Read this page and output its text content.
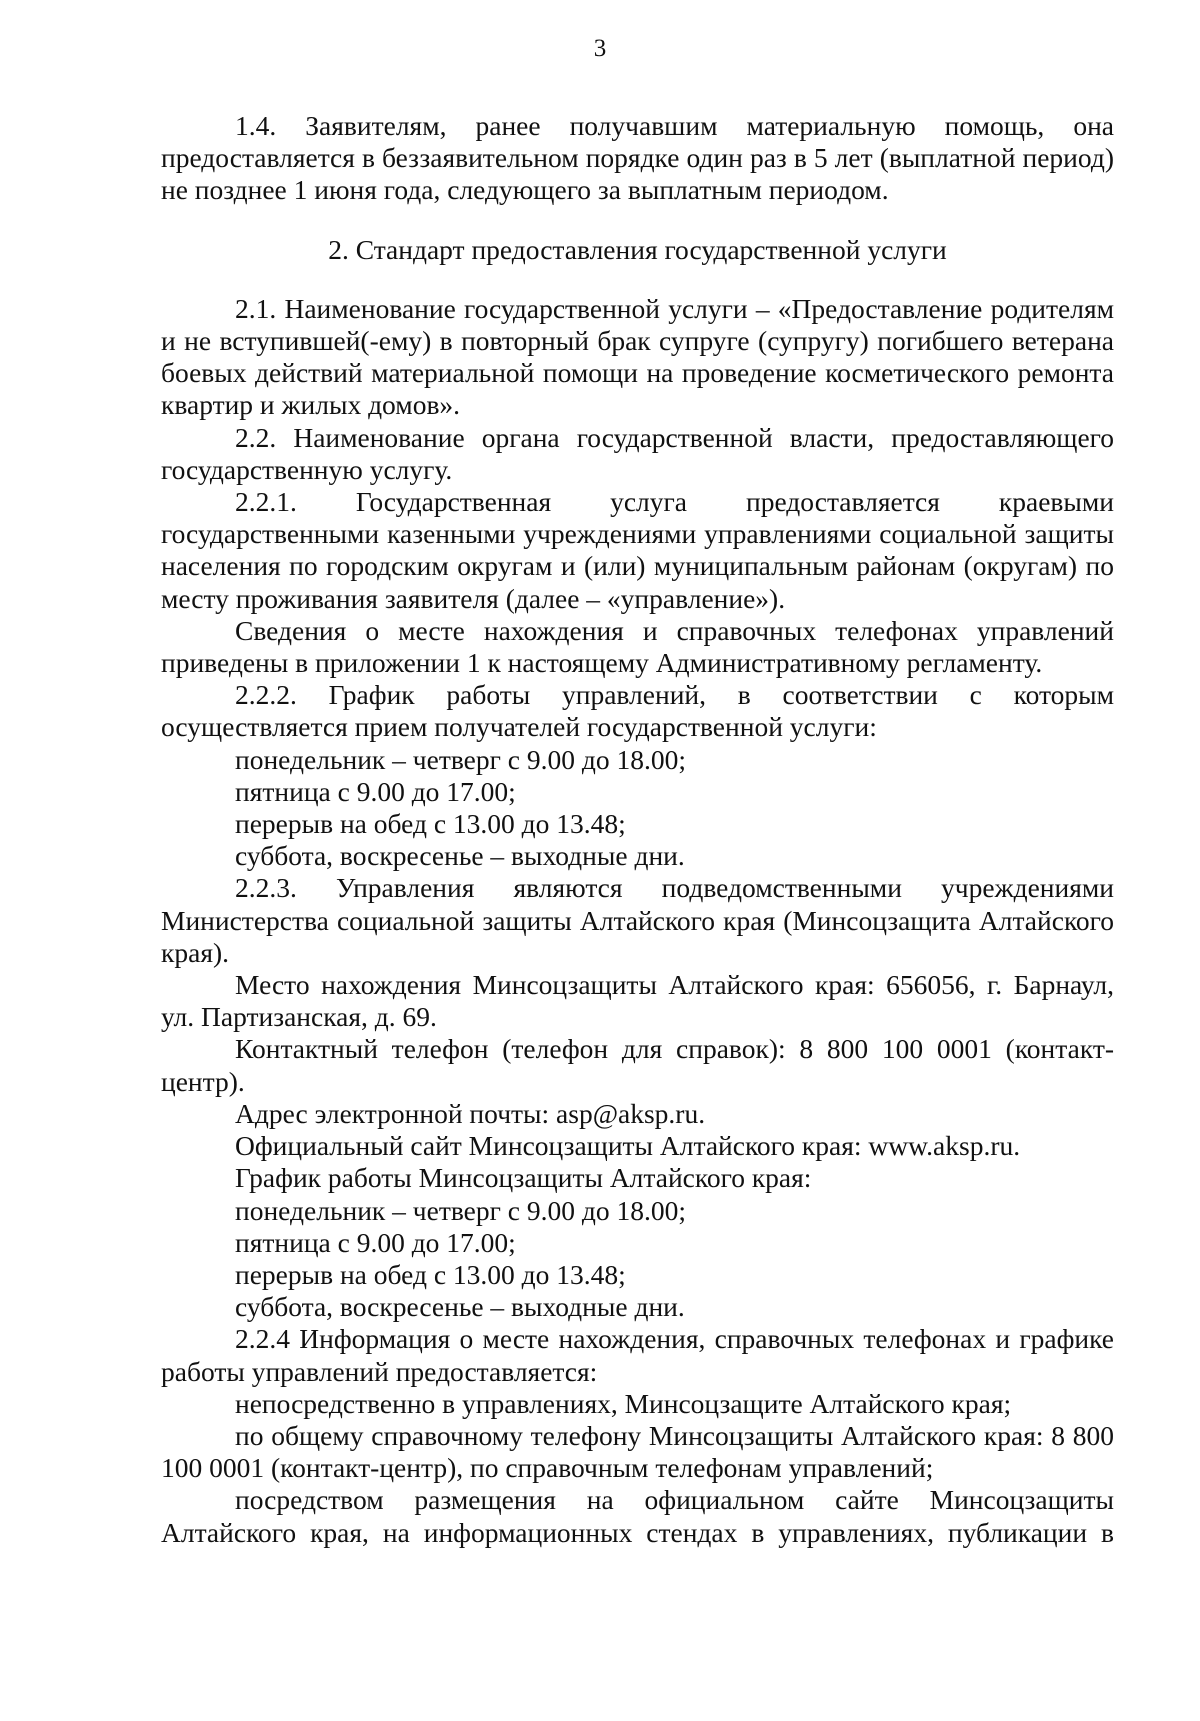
3

1.4. Заявителям, ранее получавшим материальную помощь, она предоставляется в беззаявительном порядке один раз в 5 лет (выплатной период) не позднее 1 июня года, следующего за выплатным периодом.

2. Стандарт предоставления государственной услуги

2.1. Наименование государственной услуги – «Предоставление родителям и не вступившей(-ему) в повторный брак супруге (супругу) погибшего ветерана боевых действий материальной помощи на проведение косметического ремонта квартир и жилых домов».

2.2. Наименование органа государственной власти, предоставляющего государственную услугу.

2.2.1. Государственная услуга предоставляется краевыми государственными казенными учреждениями управлениями социальной защиты населения по городским округам и (или) муниципальным районам (округам) по месту проживания заявителя (далее – «управление»).

Сведения о месте нахождения и справочных телефонах управлений приведены в приложении 1 к настоящему Административному регламенту.

2.2.2. График работы управлений, в соответствии с которым осуществляется прием получателей государственной услуги:

понедельник – четверг с 9.00 до 18.00;

пятница с 9.00 до 17.00;

перерыв на обед с 13.00 до 13.48;

суббота, воскресенье – выходные дни.

2.2.3. Управления являются подведомственными учреждениями Министерства социальной защиты Алтайского края (Минсоцзащита Алтайского края).

Место нахождения Минсоцзащиты Алтайского края: 656056, г. Барнаул, ул. Партизанская, д. 69.

Контактный телефон (телефон для справок): 8 800 100 0001 (контакт-центр).

Адрес электронной почты: asp@aksp.ru.

Официальный сайт Минсоцзащиты Алтайского края: www.aksp.ru.

График работы Минсоцзащиты Алтайского края:

понедельник – четверг с 9.00 до 18.00;

пятница с 9.00 до 17.00;

перерыв на обед с 13.00 до 13.48;

суббота, воскресенье – выходные дни.

2.2.4 Информация о месте нахождения, справочных телефонах и графике работы управлений предоставляется:

непосредственно в управлениях, Минсоцзащите Алтайского края;

по общему справочному телефону Минсоцзащиты Алтайского края: 8 800 100 0001 (контакт-центр), по справочным телефонам управлений;

посредством размещения на официальном сайте Минсоцзащиты Алтайского края, на информационных стендах в управлениях, публикации в
